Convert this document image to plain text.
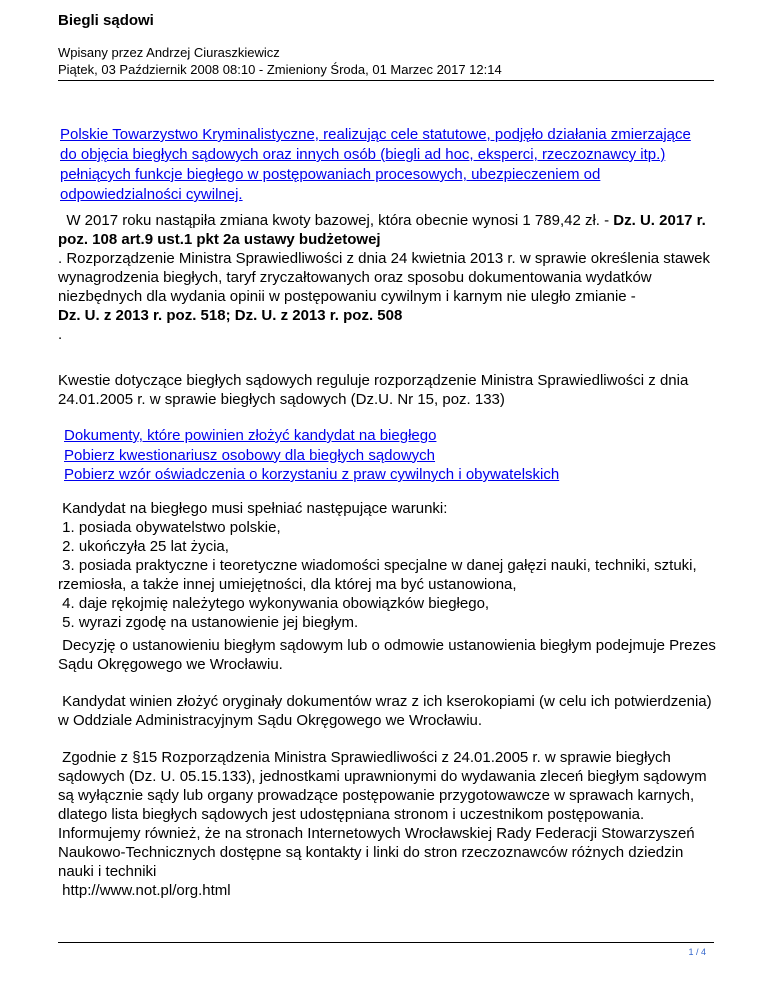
Biegli sądowi
Wpisany przez Andrzej Ciuraszkiewicz
Piątek, 03 Październik 2008 08:10 - Zmieniony Środa, 01 Marzec 2017 12:14
Polskie Towarzystwo Kryminalistyczne, realizując cele statutowe, podjęło działania zmierzające do objęcia biegłych sądowych oraz innych osób (biegli ad hoc, eksperci, rzeczoznawcy itp.) pełniących funkcje biegłego w postępowaniach procesowych, ubezpieczeniem od odpowiedzialności cywilnej.

W 2017 roku nastąpiła zmiana kwoty bazowej, która obecnie wynosi 1 789,42 zł. - Dz. U. 2017 r. poz. 108 art.9 ust.1 pkt 2a ustawy budżetowej

. Rozporządzenie Ministra Sprawiedliwości z dnia 24 kwietnia 2013 r. w sprawie określenia stawek wynagrodzenia biegłych, taryf zryczałtowanych oraz sposobu dokumentowania wydatków niezbędnych dla wydania opinii w postępowaniu cywilnym i karnym nie uległo zmianie -

Dz. U. z 2013 r. poz. 518; Dz. U. z 2013 r. poz. 508

.

Kwestie dotyczące biegłych sądowych reguluje rozporządzenie Ministra Sprawiedliwości z dnia 24.01.2005 r. w sprawie biegłych sądowych (Dz.U. Nr 15, poz. 133)

Dokumenty, które powinien złożyć kandydat na biegłego
Pobierz kwestionariusz osobowy dla biegłych sądowych
Pobierz wzór oświadczenia o korzystaniu z praw cywilnych i obywatelskich

Kandydat na biegłego musi spełniać następujące warunki:

1. posiada obywatelstwo polskie,

2. ukończyła 25 lat życia,

3. posiada praktyczne i teoretyczne wiadomości specjalne w danej gałęzi nauki, techniki, sztuki, rzemiosła, a także innej umiejętności, dla której ma być ustanowiona,

4. daje rękojmię należytego wykonywania obowiązków biegłego,

5. wyrazi zgodę na ustanowienie jej biegłym.

Decyzję o ustanowieniu biegłym sądowym lub o odmowie ustanowienia biegłym podejmuje Prezes Sądu Okręgowego we Wrocławiu.

Kandydat winien złożyć oryginały dokumentów wraz z ich kserokopiami (w celu ich potwierdzenia) w Oddziale Administracyjnym Sądu Okręgowego we Wrocławiu.

Zgodnie z §15 Rozporządzenia Ministra Sprawiedliwości z 24.01.2005 r. w sprawie biegłych sądowych (Dz. U. 05.15.133), jednostkami uprawnionymi do wydawania zleceń biegłym sądowym są wyłącznie sądy lub organy prowadzące postępowanie przygotowawcze w sprawach karnych, dlatego lista biegłych sądowych jest udostępniana stronom i uczestnikom postępowania. Informujemy również, że na stronach Internetowych Wrocławskiej Rady Federacji Stowarzyszeń Naukowo-Technicznych dostępne są kontakty i linki do stron rzeczoznawców różnych dziedzin nauki i techniki

http://www.not.pl/org.html

1 / 4
